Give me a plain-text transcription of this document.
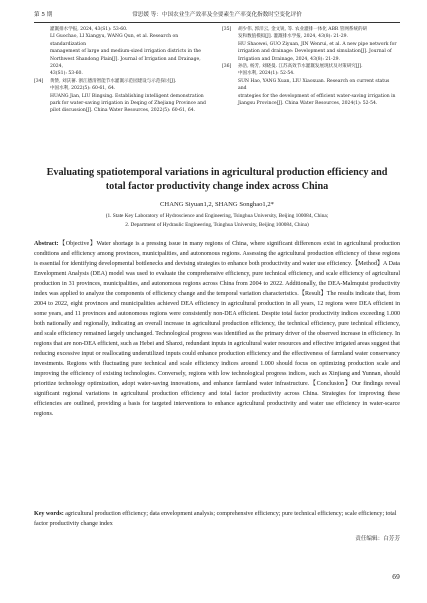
第 5 期	常思媛 等：中国农业生产效率及全要素生产率变化指数时空变化评价
灌溉排水学报, 2024, 43(S1): 53-60.
LI Guochao, LI Xiangyu, WANG Qun, et al. Research on standardization
management of large and medium-sized irrigation districts in the
Northwest Shandong Plain[J]. Journal of Irrigation and Drainage, 2024,
43(S1): 53-60.
[34]	黄赞, 刘沃蕃. 浙江德清智能节水灌溉示范园建设与示范探讨[J].
中国水利, 2022(5): 60-61, 64.
HUANG Jian, LIU Bingsing. Establishing intelligent demonstration
park for water-saving irrigation in Deqing of Zhejiang Province and
pilot discussion[J]. China Water Resources, 2022(5): 60-61, 64.
[35]	胡少伟, 郭洋云, 金文锐, 等. 农业灌排一体化 ABR 管网系统的研
发和数值模拟[J]. 灌溉排水学报, 2024, 43(8): 21-29.
HU Shaowei, GUO Ziyuan, JIN Wenrui, et al. A new pipe network for
irrigation and drainage: Development and simulation[J]. Journal of
Irrigation and Drainage, 2024, 43(8): 21-29.
[36]	孙浩, 杨芳, 刘晓曼. 江苏高效节水灌溉发展现状及对策研究[J].
中国水利, 2024(1): 52-54.
SUN Hao, YANG Xuan, LIU Xiaoxuan. Research on current status and
strategies for the development of efficient water-saving irrigation in
Jiangsu Province[J]. China Water Resources, 2024(1): 52-54.
Evaluating spatiotemporal variations in agricultural production efficiency and
total factor productivity change index across China
CHANG Siyuan1,2, SHANG Songhao1,2*
(1. State Key Laboratory of Hydroscience and Engineering, Tsinghua University, Beijing 100084, China;
2. Department of Hydraulic Engineering, Tsinghua University, Beijing 100084, China)
Abstract:【Objective】Water shortage is a pressing issue in many regions of China, where significant differences exist in agricultural production conditions and efficiency among provinces, municipalities, and autonomous regions. Assessing the agricultural production efficiency of these regions is essential for identifying developmental bottlenecks and devising strategies to enhance both productivity and water use efficiency.【Method】A Data Envelopment Analysis (DEA) model was used to evaluate the comprehensive efficiency, pure technical efficiency, and scale efficiency of agricultural production in 31 provinces, municipalities, and autonomous regions across China from 2004 to 2022. Additionally, the DEA-Malmquist productivity index was applied to analyze the components of efficiency change and the temporal variation characteristics.【Result】The results indicate that, from 2004 to 2022, eight provinces and municipalities achieved DEA efficiency in agricultural production in all years, 12 regions were DEA efficient in some years, and 11 provinces and autonomous regions were consistently non-DEA efficient. Despite total factor productivity indices exceeding 1.000 both nationally and regionally, indicating an overall increase in agricultural production efficiency, the technical efficiency, pure technical efficiency, and scale efficiency remained largely unchanged. Technological progress was identified as the primary driver of the observed increase in efficiency. In regions that are non-DEA efficient, such as Hebei and Shanxi, redundant inputs in agricultural water resources and effective irrigated areas suggest that reducing excessive input or reallocating underutilized inputs could enhance production efficiency and the effectiveness of farmland water conservancy investments. Regions with fluctuating pure technical and scale efficiency indices around 1.000 should focus on optimizing production scale and improving the efficiency of existing technologies. Conversely, regions with low technological progress indices, such as Xinjiang and Yunnan, should prioritize technology optimization, adopt water-saving innovations, and enhance farmland water infrastructure.【Conclusion】Our findings reveal significant regional variations in agricultural production efficiency and total factor productivity across China. Strategies for improving these efficiencies are outlined, providing a basis for targeted interventions to enhance agricultural productivity and water use efficiency in water-scarce regions.
Key words: agricultural production efficiency; data envelopment analysis; comprehensive efficiency; pure technical efficiency; scale efficiency; total factor productivity change index
责任编辑：白芳芳
69
